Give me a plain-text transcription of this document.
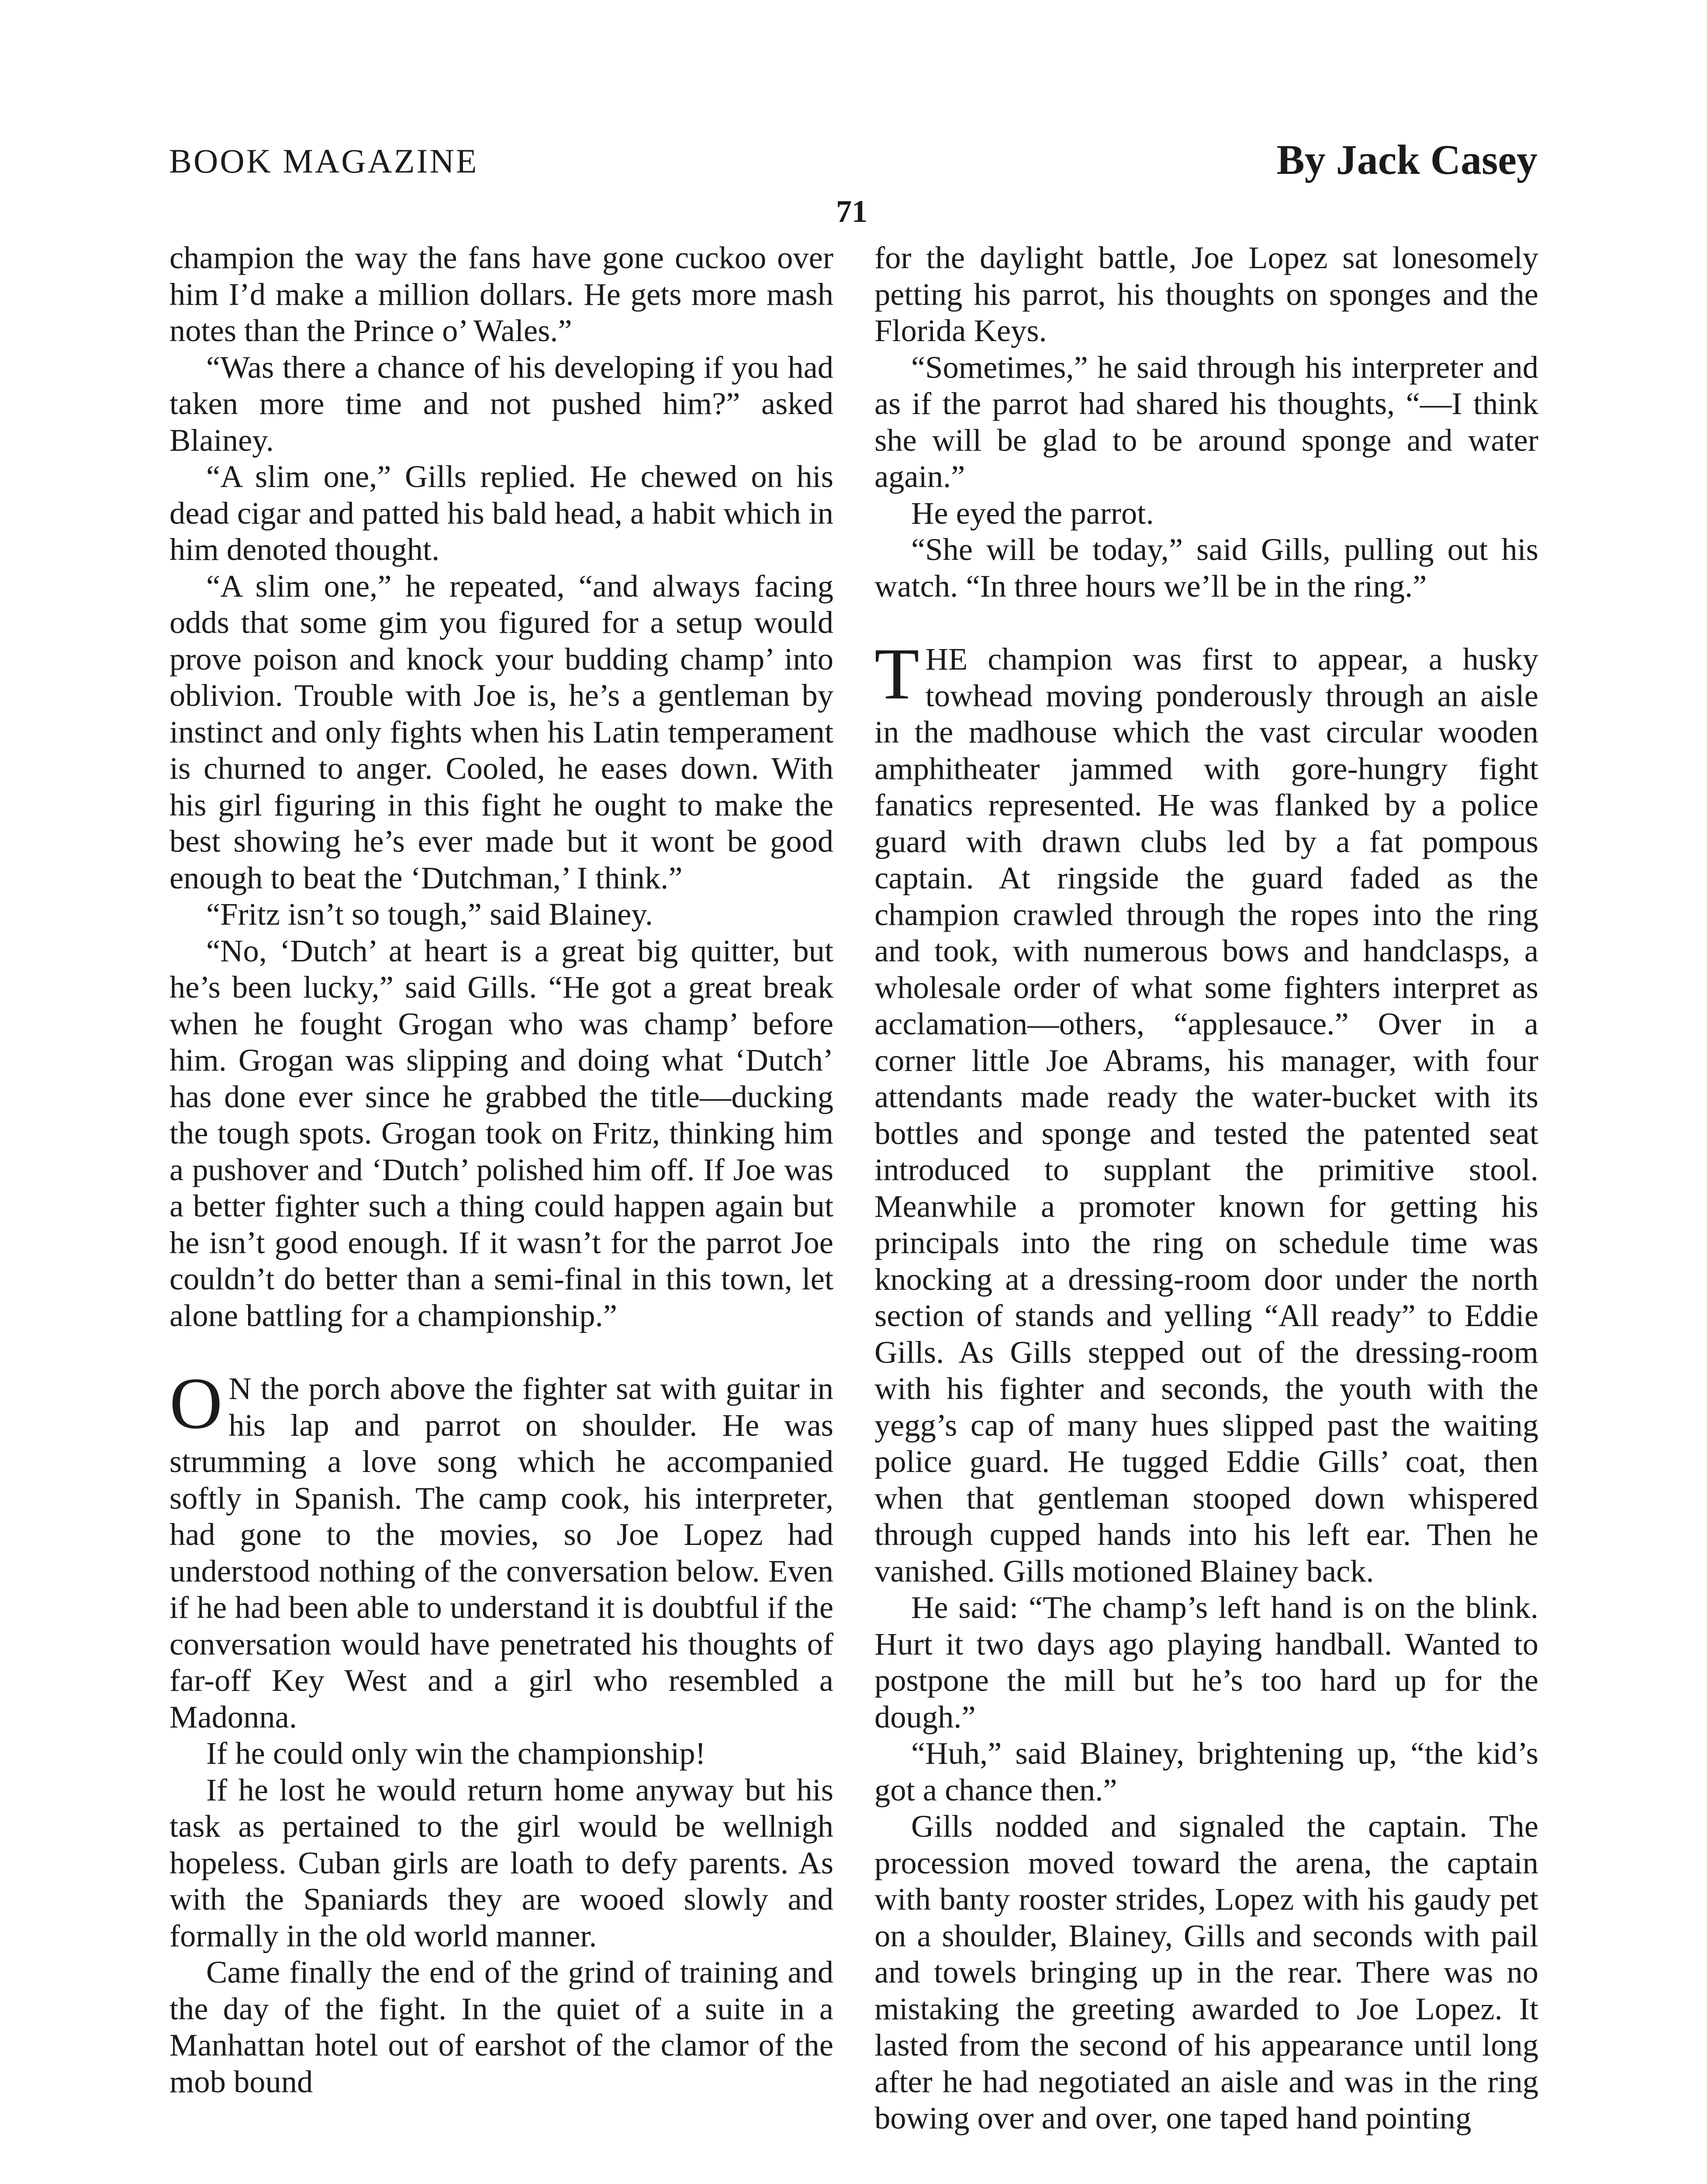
BOOK MAGAZINE	By Jack Casey
71

champion the way the fans have gone cuckoo over him I’d make a million dollars. He gets more mash notes than the Prince o’ Wales.”

“Was there a chance of his developing if you had taken more time and not pushed him?” asked Blainey.

“A slim one,” Gills replied. He chewed on his dead cigar and patted his bald head, a habit which in him denoted thought.

“A slim one,” he repeated, “and always facing odds that some gim you figured for a setup would prove poison and knock your budding champ’ into oblivion. Trouble with Joe is, he’s a gentleman by instinct and only fights when his Latin temperament is churned to anger. Cooled, he eases down. With his girl figuring in this fight he ought to make the best showing he’s ever made but it wont be good enough to beat the ‘Dutchman,’ I think.”

“Fritz isn’t so tough,” said Blainey.

“No, ‘Dutch’ at heart is a great big quitter, but he’s been lucky,” said Gills. “He got a great break when he fought Grogan who was champ’ before him. Grogan was slipping and doing what ‘Dutch’ has done ever since he grabbed the title—ducking the tough spots. Grogan took on Fritz, thinking him a pushover and ‘Dutch’ polished him off. If Joe was a better fighter such a thing could happen again but he isn’t good enough. If it wasn’t for the parrot Joe couldn’t do better than a semi-final in this town, let alone battling for a championship.”

O N the porch above the fighter sat with guitar in his lap and parrot on shoulder. He was strumming a love song which he accompanied softly in Spanish. The camp cook, his interpreter, had gone to the movies, so Joe Lopez had understood nothing of the conversation below. Even if he had been able to understand it is doubtful if the conversation would have penetrated his thoughts of far-off Key West and a girl who resembled a Madonna.

If he could only win the championship!

If he lost he would return home anyway but his task as pertained to the girl would be wellnigh hopeless. Cuban girls are loath to defy parents. As with the Spaniards they are wooed slowly and formally in the old world manner.

Came finally the end of the grind of training and the day of the fight. In the quiet of a suite in a Manhattan hotel out of earshot of the clamor of the mob bound

for the daylight battle, Joe Lopez sat lonesomely petting his parrot, his thoughts on sponges and the Florida Keys.

“Sometimes,” he said through his interpreter and as if the parrot had shared his thoughts, “—I think she will be glad to be around sponge and water again.”

He eyed the parrot.

“She will be today,” said Gills, pulling out his watch. “In three hours we’ll be in the ring.”

THE champion was first to appear, a husky towhead moving ponderously through an aisle in the madhouse which the vast circular wooden amphitheater jammed with gore-hungry fight fanatics represented. He was flanked by a police guard with drawn clubs led by a fat pompous captain. At ringside the guard faded as the champion crawled through the ropes into the ring and took, with numerous bows and handclasps, a wholesale order of what some fighters interpret as acclamation—others, “applesauce.” Over in a corner little Joe Abrams, his manager, with four attendants made ready the water-bucket with its bottles and sponge and tested the patented seat introduced to supplant the primitive stool. Meanwhile a promoter known for getting his principals into the ring on schedule time was knocking at a dressing-room door under the north section of stands and yelling “All ready” to Eddie Gills. As Gills stepped out of the dressing-room with his fighter and seconds, the youth with the yegg’s cap of many hues slipped past the waiting police guard. He tugged Eddie Gills’ coat, then when that gentleman stooped down whispered through cupped hands into his left ear. Then he vanished. Gills motioned Blainey back.

He said: “The champ’s left hand is on the blink. Hurt it two days ago playing handball. Wanted to postpone the mill but he’s too hard up for the dough.”

“Huh,” said Blainey, brightening up, “the kid’s got a chance then.”

Gills nodded and signaled the captain. The procession moved toward the arena, the captain with banty rooster strides, Lopez with his gaudy pet on a shoulder, Blainey, Gills and seconds with pail and towels bringing up in the rear. There was no mistaking the greeting awarded to Joe Lopez. It lasted from the second of his appearance until long after he had negotiated an aisle and was in the ring bowing over and over, one taped hand pointing
